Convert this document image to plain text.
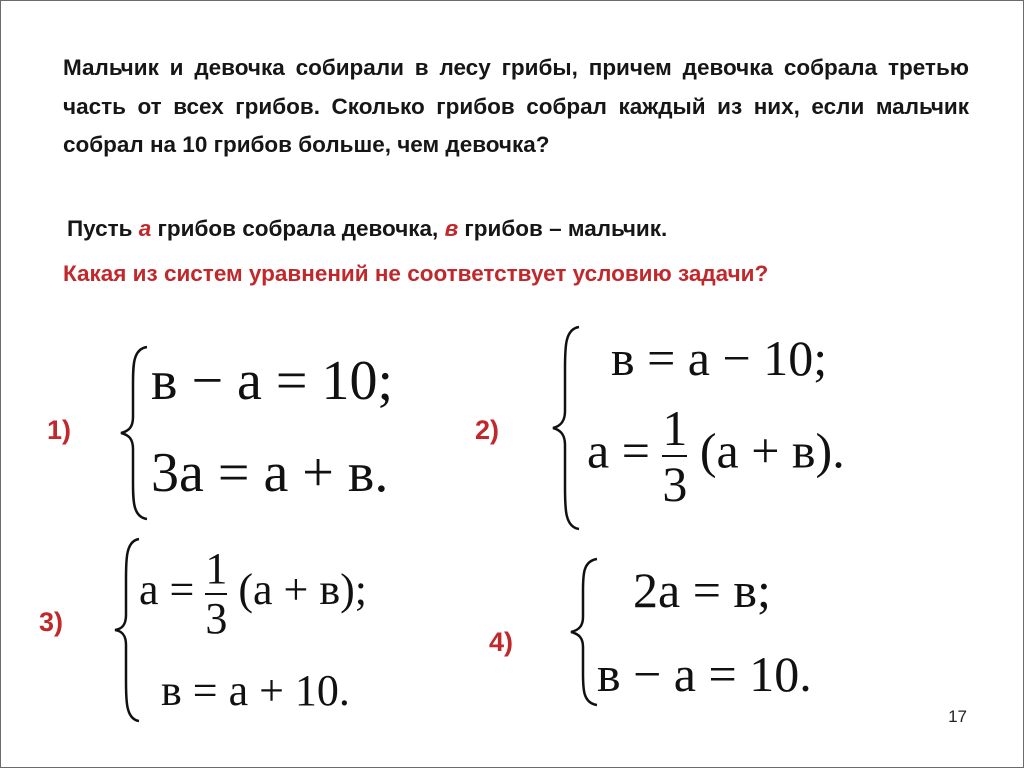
Мальчик и девочка собирали в лесу грибы, причем девочка собрала третью часть от всех грибов. Сколько грибов собрал каждый из них, если мальчик собрал на 10 грибов больше, чем девочка?

Пусть а грибов собрала девочка, в грибов – мальчик.

Какая из систем уравнений не соответствует условию задачи?

1)
в − а = 10;
3а = а + в.
2)
в = а − 10;
$а = \frac{1}{3} (а + в)$.
3)
$а = \frac{1}{3} (а + в)$;
в = а + 10.
4)
2а = в;
в − а = 10.
17
